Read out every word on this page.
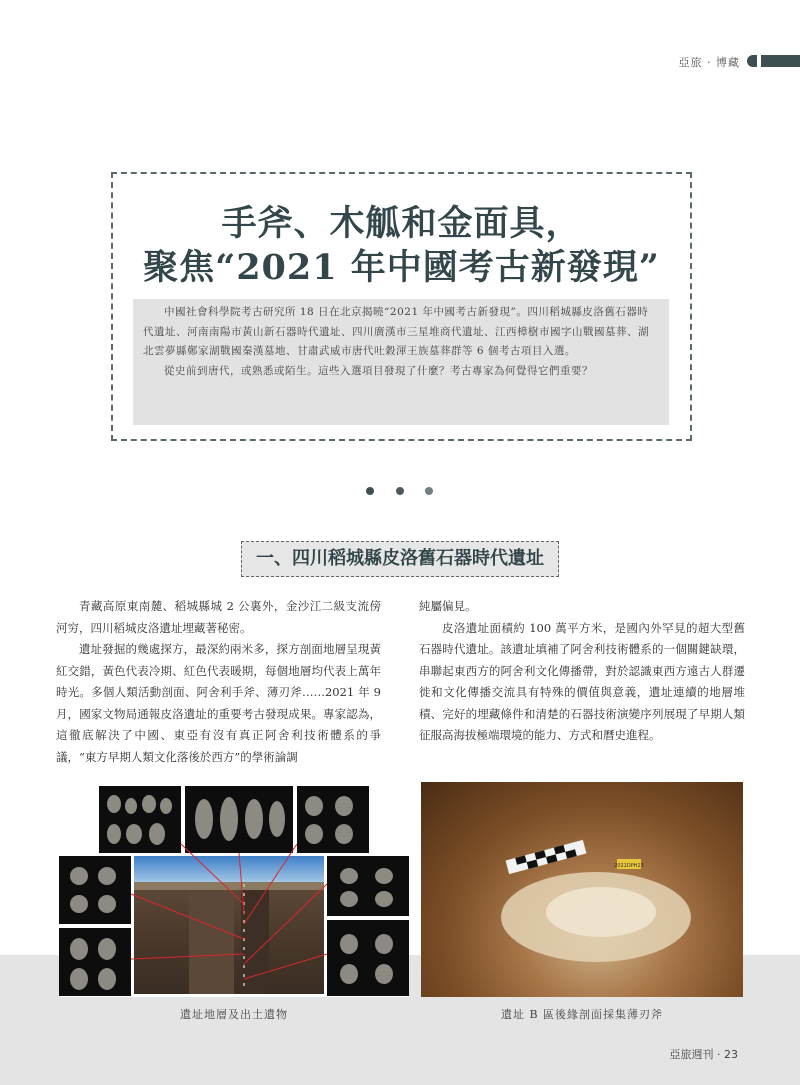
亞旅 · 博藏
手斧、木觚和金面具，
聚焦“2021 年中國考古新發現”

中國社會科學院考古研究所 18 日在北京揭曉“2021 年中國考古新發現”。四川稻城縣皮洛舊石器時代遺址、河南南陽市黃山新石器時代遺址、四川廣漢市三星堆商代遺址、江西樟樹市國字山戰國墓葬、湖北雲夢縣鄭家湖戰國秦漢墓地、甘肅武威市唐代吐穀渾王族墓葬群等 6 個考古項目入選。

從史前到唐代，或熟悉或陌生。這些入選項目發現了什麼？考古專家為何覺得它們重要？

一、四川稻城縣皮洛舊石器時代遺址

青藏高原東南麓、稻城縣城 2 公裏外，金沙江二級支流傍河穷，四川稻城皮洛遺址埋藏著秘密。

遺址發掘的幾處探方，最深約兩米多，探方剖面地層呈現黃紅交錯，黃色代表冷期、紅色代表暖期，每個地層均代表上萬年時光。多個人類活動剖面、阿舍利手斧、薄刃斧……2021 年 9 月，國家文物局通報皮洛遺址的重要考古發現成果。專家認為，這徹底解決了中國、東亞有沒有真正阿舍利技術體系的爭議，“東方早期人類文化落後於西方”的學術論調

純屬偏見。

皮洛遺址面積約 100 萬平方米，是國內外罕見的超大型舊石器時代遺址。該遺址填補了阿舍利技術體系的一個關鍵缺環，串聯起東西方的阿舍利文化傳播帶，對於認識東西方遠古人群遷徙和文化傳播交流具有特殊的價值與意義，遺址連續的地層堆積、完好的埋藏條件和清楚的石器技術演變序列展現了早期人類征服高海拔極端環境的能力、方式和曆史進程。

2021DPH23
遺址地層及出土遺物	遺址 B 區後緣剖面採集薄刃斧
亞旅週刊 · 23
